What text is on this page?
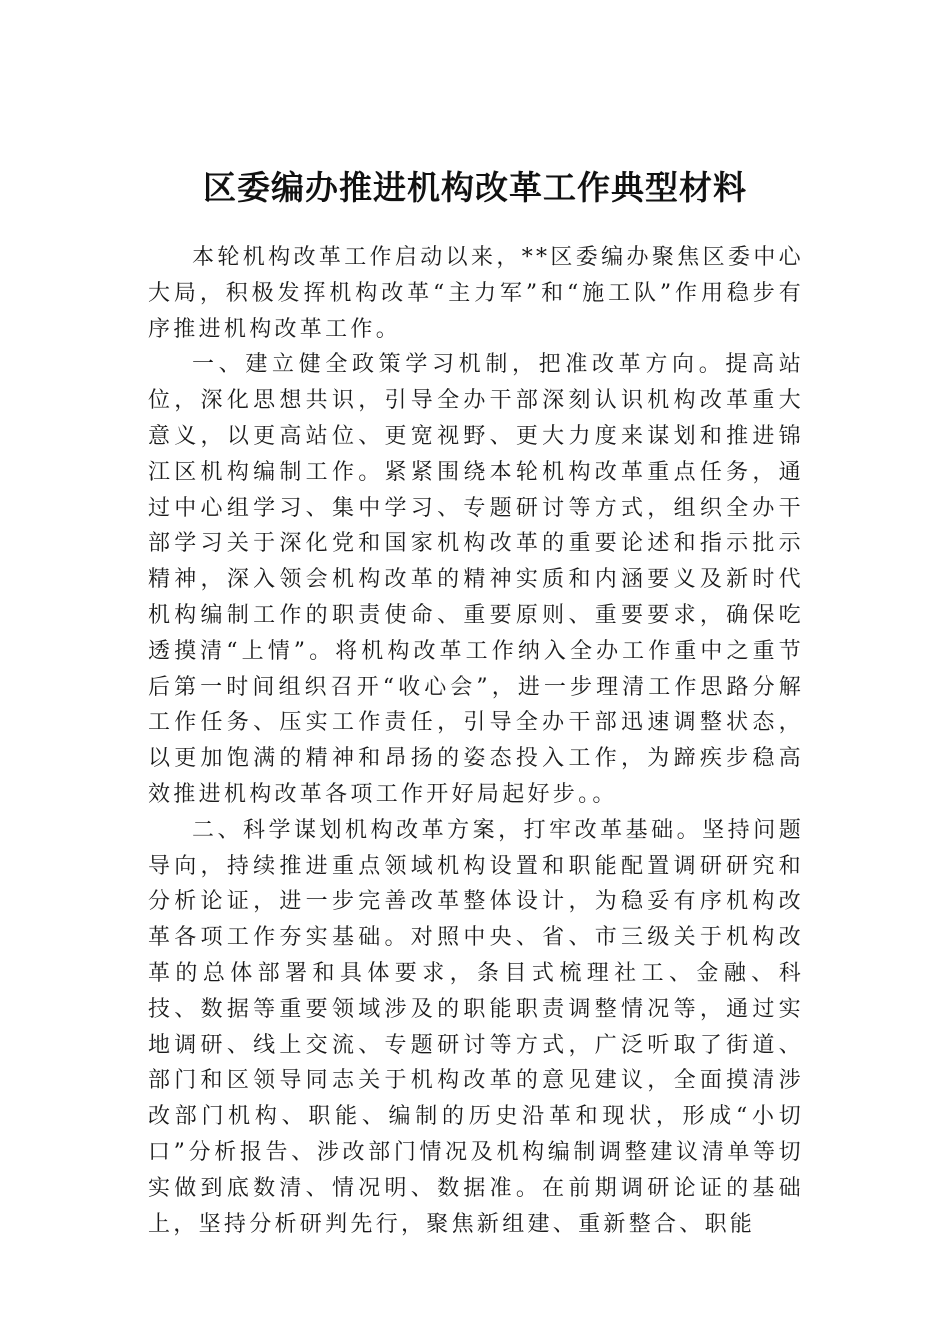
区委编办推进机构改革工作典型材料

本轮机构改革工作启动以来，**区委编办聚焦区委中心大局，积极发挥机构改革“主力军”和“施工队”作用稳步有序推进机构改革工作。

一、建立健全政策学习机制，把准改革方向。提高站位，深化思想共识，引导全办干部深刻认识机构改革重大意义，以更高站位、更宽视野、更大力度来谋划和推进锦江区机构编制工作。紧紧围绕本轮机构改革重点任务，通过中心组学习、集中学习、专题研讨等方式，组织全办干部学习关于深化党和国家机构改革的重要论述和指示批示精神，深入领会机构改革的精神实质和内涵要义及新时代机构编制工作的职责使命、重要原则、重要要求，确保吃透摸清“上情”。将机构改革工作纳入全办工作重中之重节后第一时间组织召开“收心会”，进一步理清工作思路分解工作任务、压实工作责任，引导全办干部迅速调整状态，以更加饱满的精神和昂扬的姿态投入工作，为蹄疾步稳高效推进机构改革各项工作开好局起好步。。

二、科学谋划机构改革方案，打牢改革基础。坚持问题导向，持续推进重点领域机构设置和职能配置调研研究和分析论证，进一步完善改革整体设计，为稳妥有序机构改革各项工作夯实基础。对照中央、省、市三级关于机构改革的总体部署和具体要求，条目式梳理社工、金融、科技、数据等重要领域涉及的职能职责调整情况等，通过实地调研、线上交流、专题研讨等方式，广泛听取了街道、部门和区领导同志关于机构改革的意见建议，全面摸清涉改部门机构、职能、编制的历史沿革和现状，形成“小切口”分析报告、涉改部门情况及机构编制调整建议清单等切实做到底数清、情况明、数据准。在前期调研论证的基础上，坚持分析研判先行，聚焦新组建、重新整合、职能
